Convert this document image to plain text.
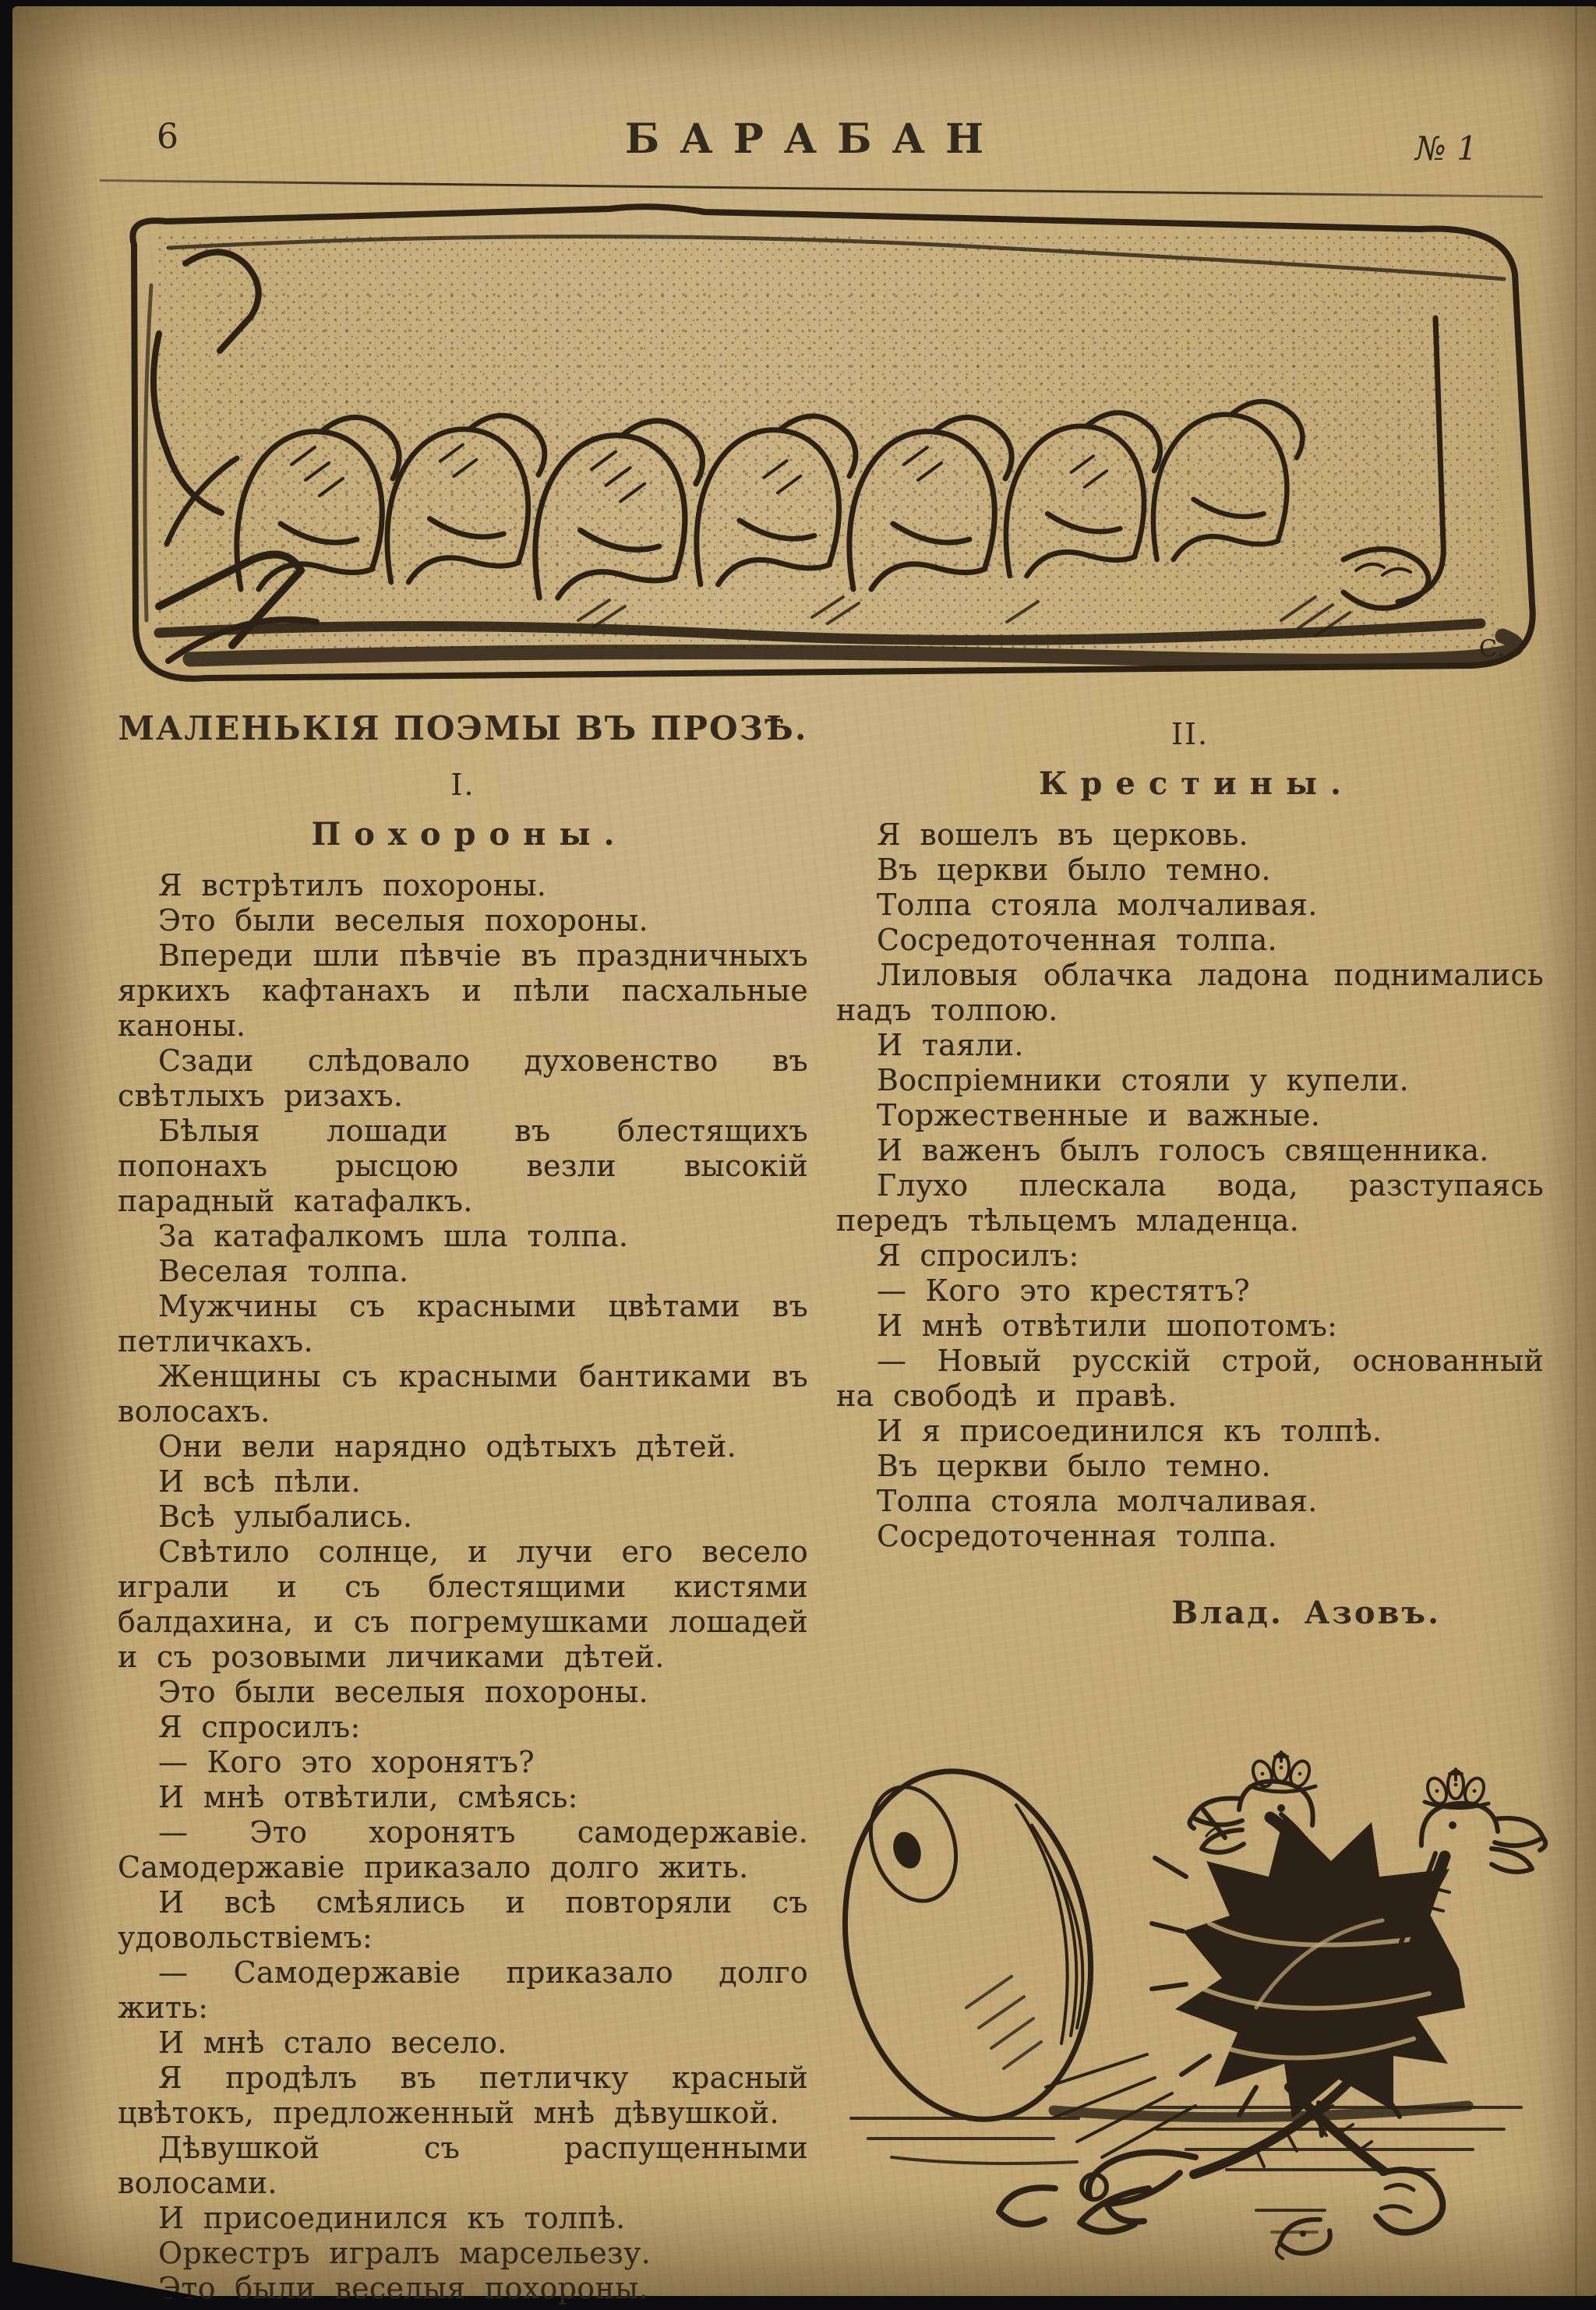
6	БАРАБАН	№ 1
С.
МАЛЕНЬКІЯ ПОЭМЫ ВЪ ПРОЗѢ.
I.
Похороны.

Я встрѣтилъ похороны.

Это были веселыя похороны.

Впереди шли пѣвчіе въ праздничныхъ яркихъ кафтанахъ и пѣли пасхальные каноны.

Сзади слѣдовало духовенство въ свѣтлыхъ ризахъ.

Бѣлыя лошади въ блестящихъ попонахъ рысцою везли высокій парадный катафалкъ.

За катафалкомъ шла толпа.

Веселая толпа.

Мужчины съ красными цвѣтами въ петличкахъ.

Женщины съ красными бантиками въ волосахъ.

Они вели нарядно одѣтыхъ дѣтей.

И всѣ пѣли.

Всѣ улыбались.

Свѣтило солнце, и лучи его весело играли и съ блестящими кистями балдахина, и съ погремушками лошадей и съ розовыми личиками дѣтей.

Это были веселыя похороны.

Я спросилъ:

— Кого это хоронятъ?

И мнѣ отвѣтили, смѣясь:

— Это хоронятъ самодержавіе. Самодержавіе приказало долго жить.

И всѣ смѣялись и повторяли съ удовольствіемъ:

— Самодержавіе приказало долго жить:

И мнѣ стало весело.

Я продѣлъ въ петличку красный цвѣтокъ, предложенный мнѣ дѣвушкой.

Дѣвушкой съ распущенными волосами.

И присоединился къ толпѣ.

Оркестръ игралъ марсельезу.

Это были веселыя похороны.

II.
Крестины.

Я вошелъ въ церковь.

Въ церкви было темно.

Толпа стояла молчаливая.

Сосредоточенная толпа.

Лиловыя облачка ладона поднимались надъ толпою.

И таяли.

Воспріемники стояли у купели.

Торжественные и важные.

И важенъ былъ голосъ священника.

Глухо плескала вода, разступаясь передъ тѣльцемъ младенца.

Я спросилъ:

— Кого это крестятъ?

И мнѣ отвѣтили шопотомъ:

— Новый русскій строй, основанный на свободѣ и правѣ.

И я присоединился къ толпѣ.

Въ церкви было темно.

Толпа стояла молчаливая.

Сосредоточенная толпа.

Влад. Азовъ.
